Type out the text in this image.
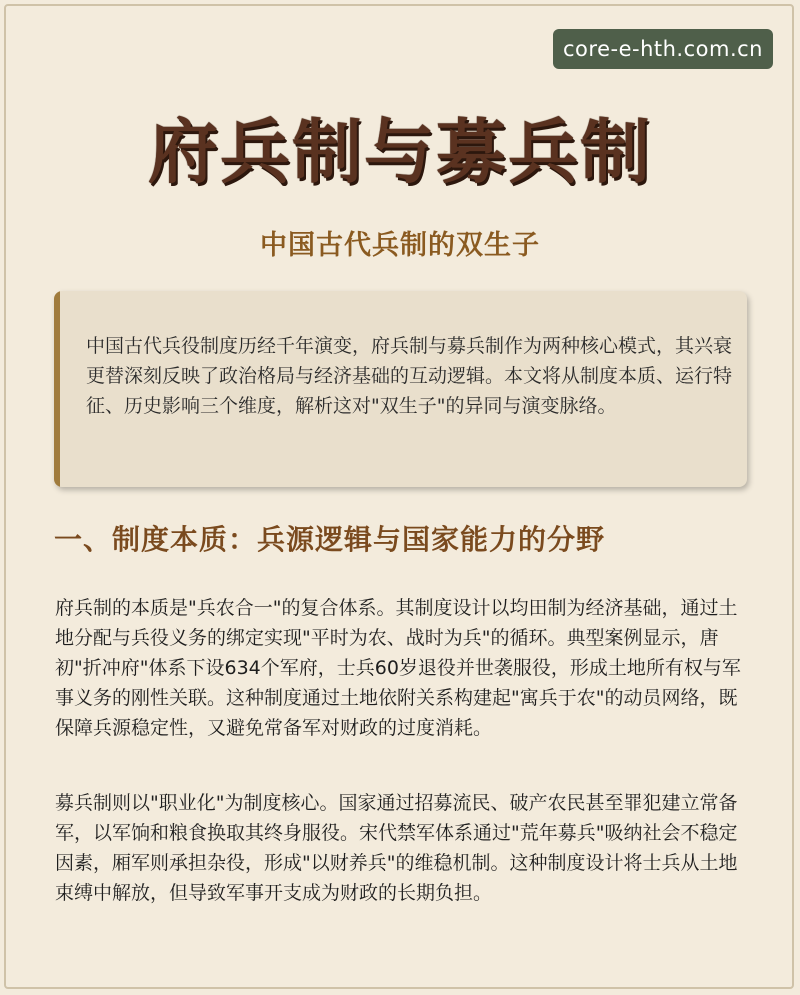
core-e-hth.com.cn
府兵制与募兵制
中国古代兵制的双生子

中国古代兵役制度历经千年演变，府兵制与募兵制作为两种核心模式，其兴衰更替深刻反映了政治格局与经济基础的互动逻辑。本文将从制度本质、运行特征、历史影响三个维度，解析这对"双生子"的异同与演变脉络。

一、制度本质：兵源逻辑与国家能力的分野

府兵制的本质是"兵农合一"的复合体系。其制度设计以均田制为经济基础，通过土地分配与兵役义务的绑定实现"平时为农、战时为兵"的循环。典型案例显示，唐初"折冲府"体系下设634个军府，士兵60岁退役并世袭服役，形成土地所有权与军事义务的刚性关联。这种制度通过土地依附关系构建起"寓兵于农"的动员网络，既保障兵源稳定性，又避免常备军对财政的过度消耗。

募兵制则以"职业化"为制度核心。国家通过招募流民、破产农民甚至罪犯建立常备军，以军饷和粮食换取其终身服役。宋代禁军体系通过"荒年募兵"吸纳社会不稳定因素，厢军则承担杂役，形成"以财养兵"的维稳机制。这种制度设计将士兵从土地束缚中解放，但导致军事开支成为财政的长期负担。
